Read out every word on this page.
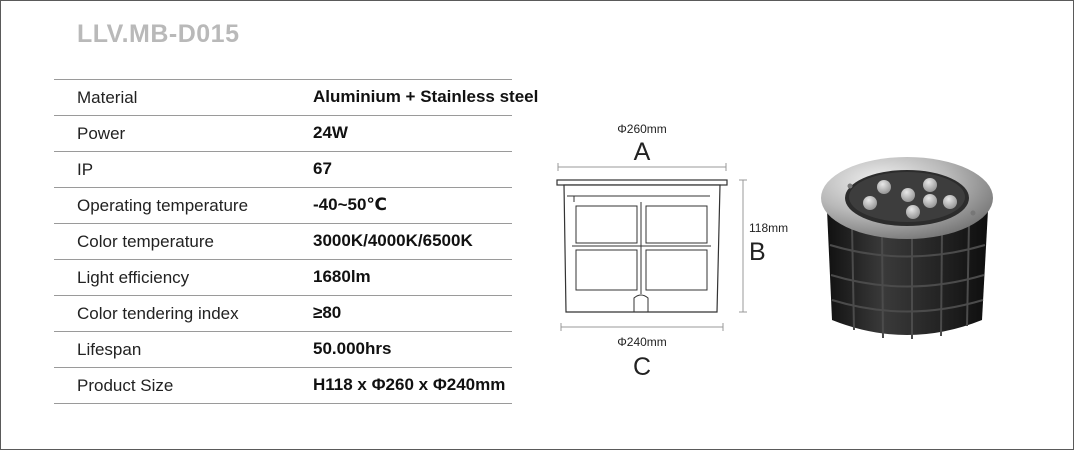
LLV.MB-D015
Material	Aluminium + Stainless steel
Power	24W
IP	67
Operating temperature	-40~50℃
Color temperature	3000K/4000K/6500K
Light efficiency	1680lm
Color tendering index	≥80
Lifespan	50.000hrs
Product Size	H118 x Φ260 x Φ240mm
Φ260mm
A
118mm
B
Φ240mm
C
